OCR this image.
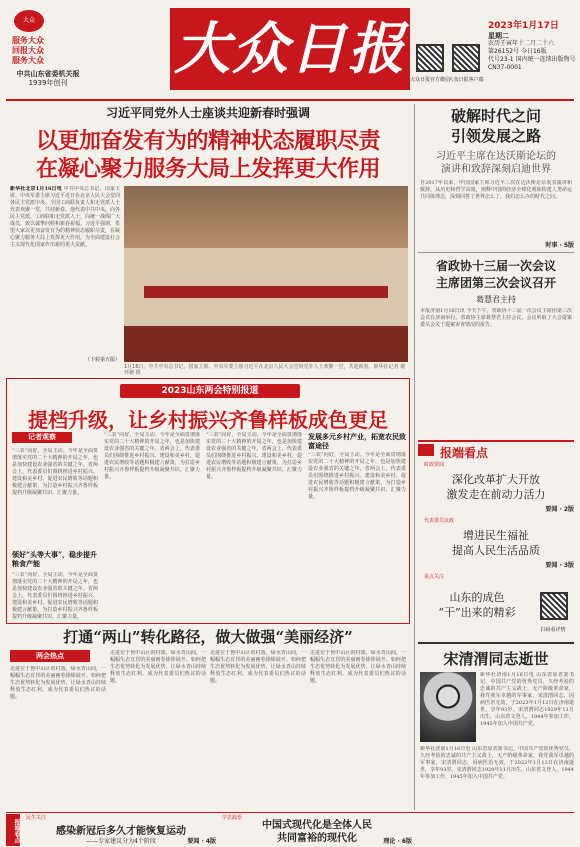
大众
服务大众
回报大众
服务大众
中共山东省委机关报
1939年创刊
大众日报 大众日报官方微信
大众日报客户端
2023年1月17日
星期二
农历壬寅年十二月二十六
第26152号 今日16版
代号23-1 国内统一连续出版物号CN37-0001
习近平同党外人士座谈共迎新春时强调
以更加奋发有为的精神状态履职尽责
在凝心聚力服务大局上发挥更大作用
新华社北京1月16日电 中共中央总书记、国家主席、中央军委主席习近平近日在北京人民大会堂同各民主党派中央、全国工商联负责人和无党派人士代表欢聚一堂，共迎新春。他代表中共中央，向各民主党派、工商联和无党派人士，向统一战线广大成员，致以诚挚问候和新春祝福。习近平强调，希望大家以更加奋发有为的精神状态履职尽责，在凝心聚力服务大局上发挥更大作用，为全面建设社会主义现代化国家作出新的更大贡献。
（下转第五版）
1月16日，中共中央总书记、国家主席、中央军委主席习近平在北京人民大会堂同党外人士欢聚一堂，共迎新春。新华社记者 谢环驰 摄
2023山东两会特别报道
提档升级，让乡村振兴齐鲁样板成色更足
记者观察
“三农”向好，全局主动。今年是全面贯彻落实党的二十大精神的开局之年，也是加快建设农业强省的关键之年。省两会上，代表委员们围绕推进乡村振兴、建设和美乡村、促进农民增收等话题积极建言献策，为打造乡村振兴齐鲁样板提档升级凝聚共识、汇聚力量。
领好“头等大事”，稳步提升粮食产能
“三农”向好，全局主动。今年是全面贯彻落实党的二十大精神的开局之年，也是加快建设农业强省的关键之年。省两会上，代表委员们围绕推进乡村振兴、建设和美乡村、促进农民增收等话题积极建言献策，为打造乡村振兴齐鲁样板提档升级凝聚共识、汇聚力量。
“三农”向好，全局主动。今年是全面贯彻落实党的二十大精神的开局之年，也是加快建设农业强省的关键之年。省两会上，代表委员们围绕推进乡村振兴、建设和美乡村、促进农民增收等话题积极建言献策，为打造乡村振兴齐鲁样板提档升级凝聚共识、汇聚力量。
“三农”向好，全局主动。今年是全面贯彻落实党的二十大精神的开局之年，也是加快建设农业强省的关键之年。省两会上，代表委员们围绕推进乡村振兴、建设和美乡村、促进农民增收等话题积极建言献策，为打造乡村振兴齐鲁样板提档升级凝聚共识、汇聚力量。
发展多元乡村产业，拓宽农民致富途径
“三农”向好，全局主动。今年是全面贯彻落实党的二十大精神的开局之年，也是加快建设农业强省的关键之年。省两会上，代表委员们围绕推进乡村振兴、建设和美乡村、促进农民增收等话题积极建言献策，为打造乡村振兴齐鲁样板提档升级凝聚共识、汇聚力量。
打通“两山”转化路径，做大做强“美丽经济”
两会热点
走进位于鲁中山区的村落，绿水青山间，一幅幅生态宜居的美丽画卷徐徐展开。如何把生态优势转化为发展优势，让绿水青山持续释放生态红利，成为代表委员们热议的话题。
走进位于鲁中山区的村落，绿水青山间，一幅幅生态宜居的美丽画卷徐徐展开。如何把生态优势转化为发展优势，让绿水青山持续释放生态红利，成为代表委员们热议的话题。
走进位于鲁中山区的村落，绿水青山间，一幅幅生态宜居的美丽画卷徐徐展开。如何把生态优势转化为发展优势，让绿水青山持续释放生态红利，成为代表委员们热议的话题。
走进位于鲁中山区的村落，绿水青山间，一幅幅生态宜居的美丽画卷徐徐展开。如何把生态优势转化为发展优势，让绿水青山持续释放生态红利，成为代表委员们热议的话题。
破解时代之问
引领发展之路
习近平主席在达沃斯论坛的
演讲和致辞深刻启迪世界
自2017年以来，中国国家主席习近平三次在达沃斯论坛发表演讲和致辞，从历史和哲学高度，阐释中国的经济全球化观和构建人类命运共同体理念，深刻回答了世界怎么了、我们怎么办的时代之问。
时事 · 5版
省政协十三届一次会议
主席团第三次会议召开
葛慧君主持
本报济南1月16日讯 今天下午，省政协十三届一次会议主席团第三次会议在济南举行。省政协主席葛慧君主持会议。会议听取了大会提案委员会关于提案审查情况的报告。
报端看点
时政要闻
深化改革扩大开放
激发走在前动力活力
要闻 · 2版
代表委员议政
增进民生福祉
提高人民生活品质
要闻 · 3版
重点关注
山东的成色
“干”出来的精彩
扫码看详情
宋清渭同志逝世
新华社济南1月16日电 山东省原省委书记、中国共产党的优秀党员、久经考验的忠诚的共产主义战士，无产阶级革命家，我党我军卓越的军事家，宋清渭同志，因病医治无效，于2023年1月12日在济南逝世，享年93岁。宋清渭同志1929年11月出生，山东省文登人，1944年参加工作，1945年加入中国共产党。
新华社济南1月16日电 山东省原省委书记、中国共产党的优秀党员、久经考验的忠诚的共产主义战士，无产阶级革命家，我党我军卓越的军事家，宋清渭同志，因病医治无效，于2023年1月12日在济南逝世，享年93岁。宋清渭同志1929年11月出生，山东省文登人，1944年参加工作，1945年加入中国共产党。
报端看点
民生关注
感染新冠后多久才能恢复运动
——专家建议分为4个阶段	要闻 · 4版
学思践悟
中国式现代化是全体人民
共同富裕的现代化	理论 · 6版
